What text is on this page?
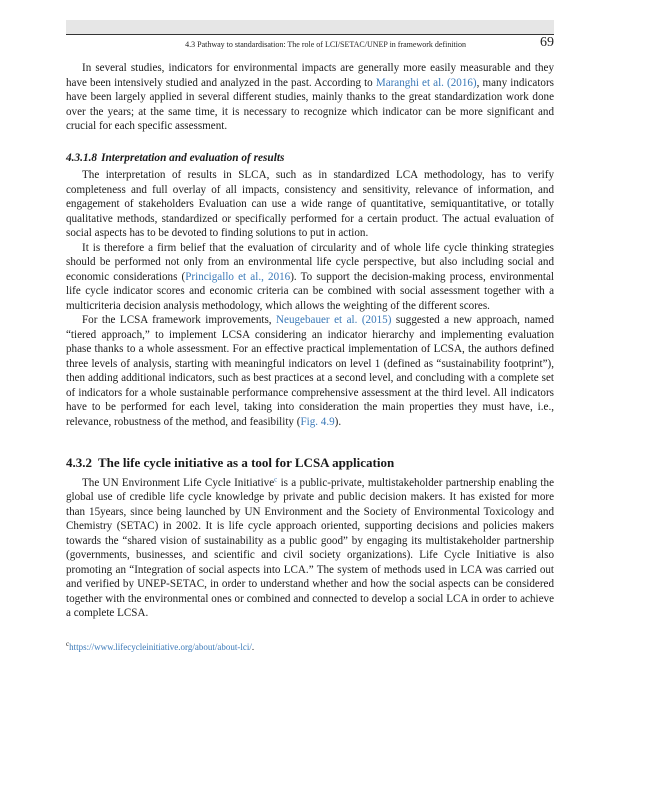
4.3 Pathway to standardisation: The role of LCI/SETAC/UNEP in framework definition	69

In several studies, indicators for environmental impacts are generally more easily measurable and they have been intensively studied and analyzed in the past. According to Maranghi et al. (2016), many indicators have been largely applied in several different studies, mainly thanks to the great standardization work done over the years; at the same time, it is necessary to recognize which indicator can be more significant and crucial for each specific assessment.

4.3.1.8 Interpretation and evaluation of results

The interpretation of results in SLCA, such as in standardized LCA methodology, has to verify completeness and full overlay of all impacts, consistency and sensitivity, relevance of information, and engagement of stakeholders Evaluation can use a wide range of quantitative, semiquantitative, or totally qualitative methods, standardized or specifically performed for a certain product. The actual evaluation of social aspects has to be devoted to finding solutions to put in action.

It is therefore a firm belief that the evaluation of circularity and of whole life cycle thinking strategies should be performed not only from an environmental life cycle perspective, but also including social and economic considerations (Princigallo et al., 2016). To support the decision-making process, environmental life cycle indicator scores and economic criteria can be combined with social assessment together with a multicriteria decision analysis methodology, which allows the weighting of the different scores.

For the LCSA framework improvements, Neugebauer et al. (2015) suggested a new approach, named “tiered approach,” to implement LCSA considering an indicator hierarchy and implementing evaluation phase thanks to a whole assessment. For an effective practical implementation of LCSA, the authors defined three levels of analysis, starting with meaningful indicators on level 1 (defined as “sustainability footprint”), then adding additional indicators, such as best practices at a second level, and concluding with a complete set of indicators for a whole sustainable performance comprehensive assessment at the third level. All indicators have to be performed for each level, taking into consideration the main properties they must have, i.e., relevance, robustness of the method, and feasibility (Fig. 4.9).

4.3.2 The life cycle initiative as a tool for LCSA application

The UN Environment Life Cycle Initiative$^c$ is a public-private, multistakeholder partnership enabling the global use of credible life cycle knowledge by private and public decision makers. It has existed for more than 15years, since being launched by UN Environment and the Society of Environmental Toxicology and Chemistry (SETAC) in 2002. It is life cycle approach oriented, supporting decisions and policies makers towards the “shared vision of sustainability as a public good” by engaging its multistakeholder partnership (governments, businesses, and scientific and civil society organizations). Life Cycle Initiative is also promoting an “Integration of social aspects into LCA.” The system of methods used in LCA was carried out and verified by UNEP-SETAC, in order to understand whether and how the social aspects can be considered together with the environmental ones or combined and connected to develop a social LCA in order to achieve a complete LCSA.

$^c$https://www.lifecycleinitiative.org/about/about-lci/.
